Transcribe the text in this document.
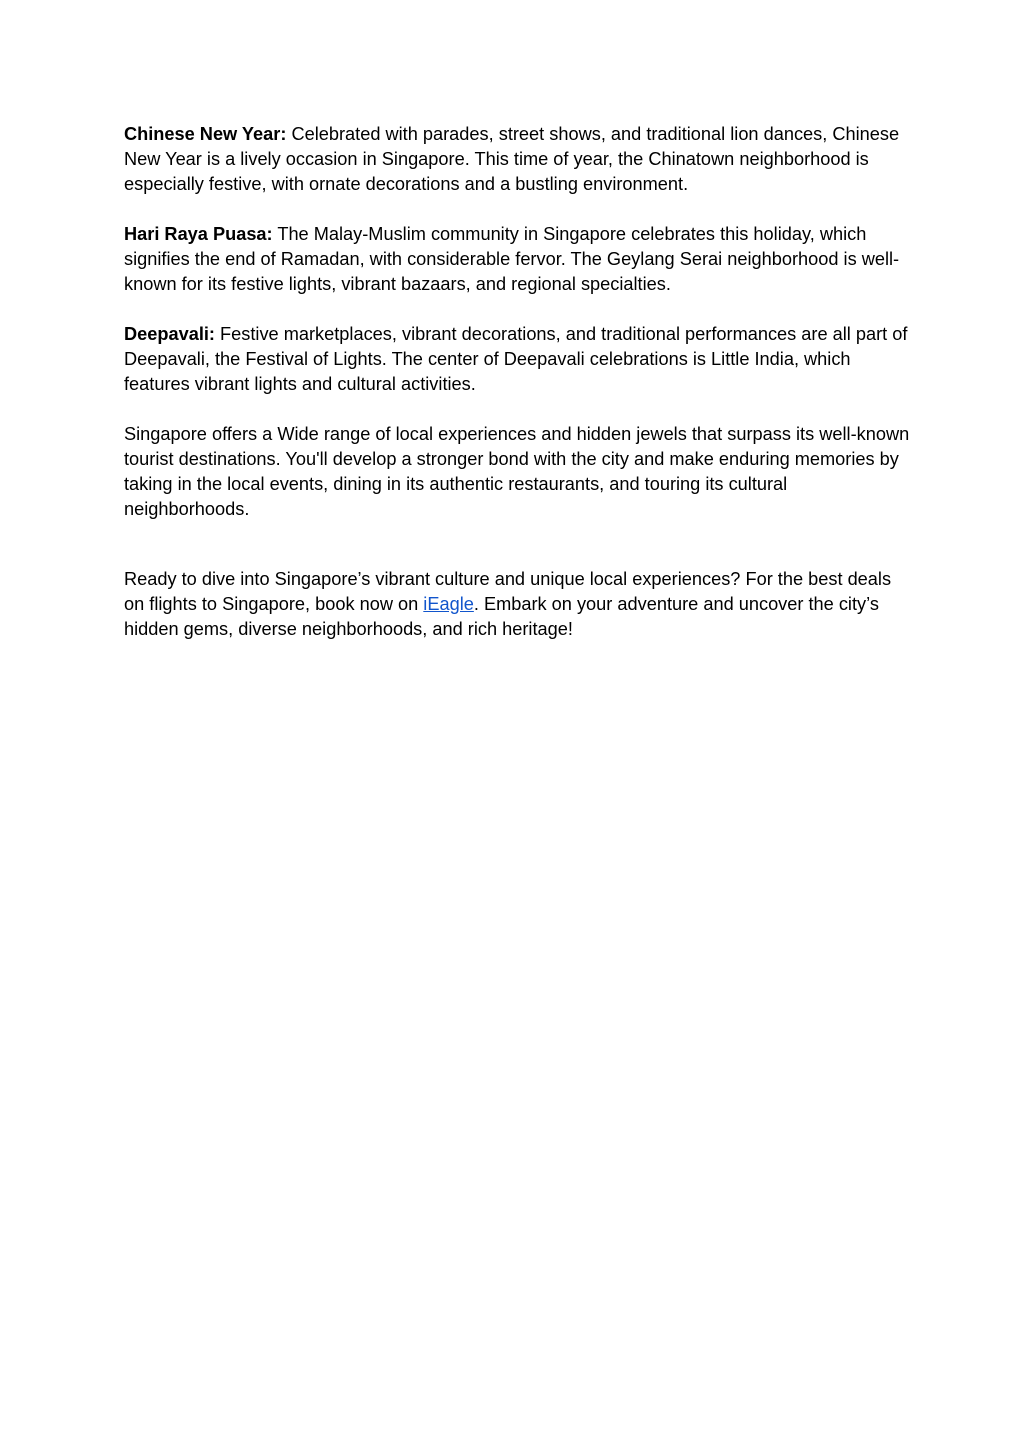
Chinese New Year: Celebrated with parades, street shows, and traditional lion dances, Chinese New Year is a lively occasion in Singapore. This time of year, the Chinatown neighborhood is especially festive, with ornate decorations and a bustling environment.

Hari Raya Puasa: The Malay-Muslim community in Singapore celebrates this holiday, which signifies the end of Ramadan, with considerable fervor. The Geylang Serai neighborhood is well-known for its festive lights, vibrant bazaars, and regional specialties.

Deepavali: Festive marketplaces, vibrant decorations, and traditional performances are all part of Deepavali, the Festival of Lights. The center of Deepavali celebrations is Little India, which features vibrant lights and cultural activities.

Singapore offers a Wide range of local experiences and hidden jewels that surpass its well-known tourist destinations. You'll develop a stronger bond with the city and make enduring memories by taking in the local events, dining in its authentic restaurants, and touring its cultural neighborhoods.

Ready to dive into Singapore’s vibrant culture and unique local experiences? For the best deals on flights to Singapore, book now on iEagle. Embark on your adventure and uncover the city’s hidden gems, diverse neighborhoods, and rich heritage!
